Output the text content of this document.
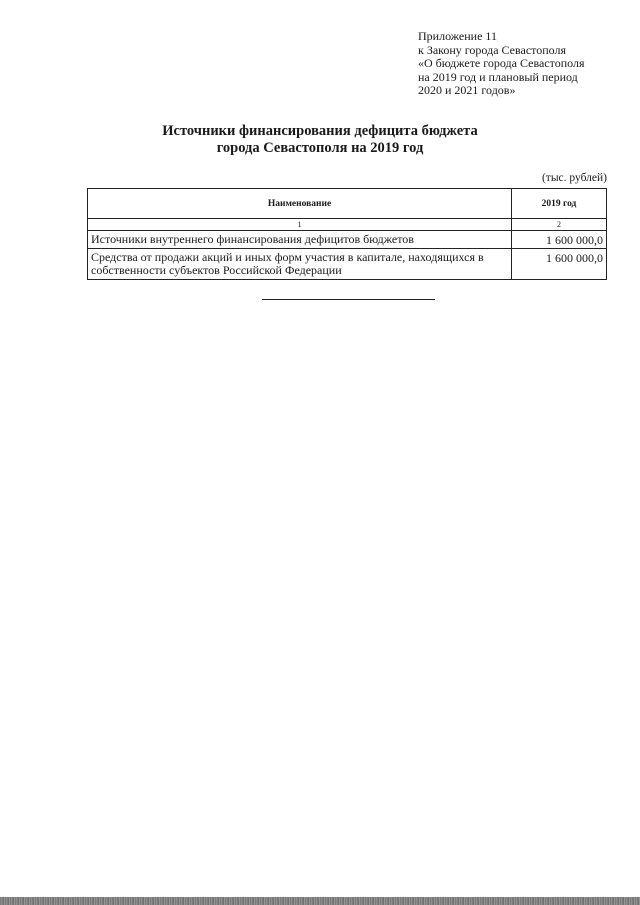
Приложение 11
к Закону города Севастополя
«О бюджете города Севастополя
на 2019 год и плановый период
2020 и 2021 годов»
Источники финансирования дефицита бюджета
города Севастополя на 2019 год
(тыс. рублей)
Наименование	2019 год
1	2
Источники внутреннего финансирования дефицитов бюджетов	1 600 000,0
Средства от продажи акций и иных форм участия в капитале, находящихся в собственности субъектов Российской Федерации	1 600 000,0
